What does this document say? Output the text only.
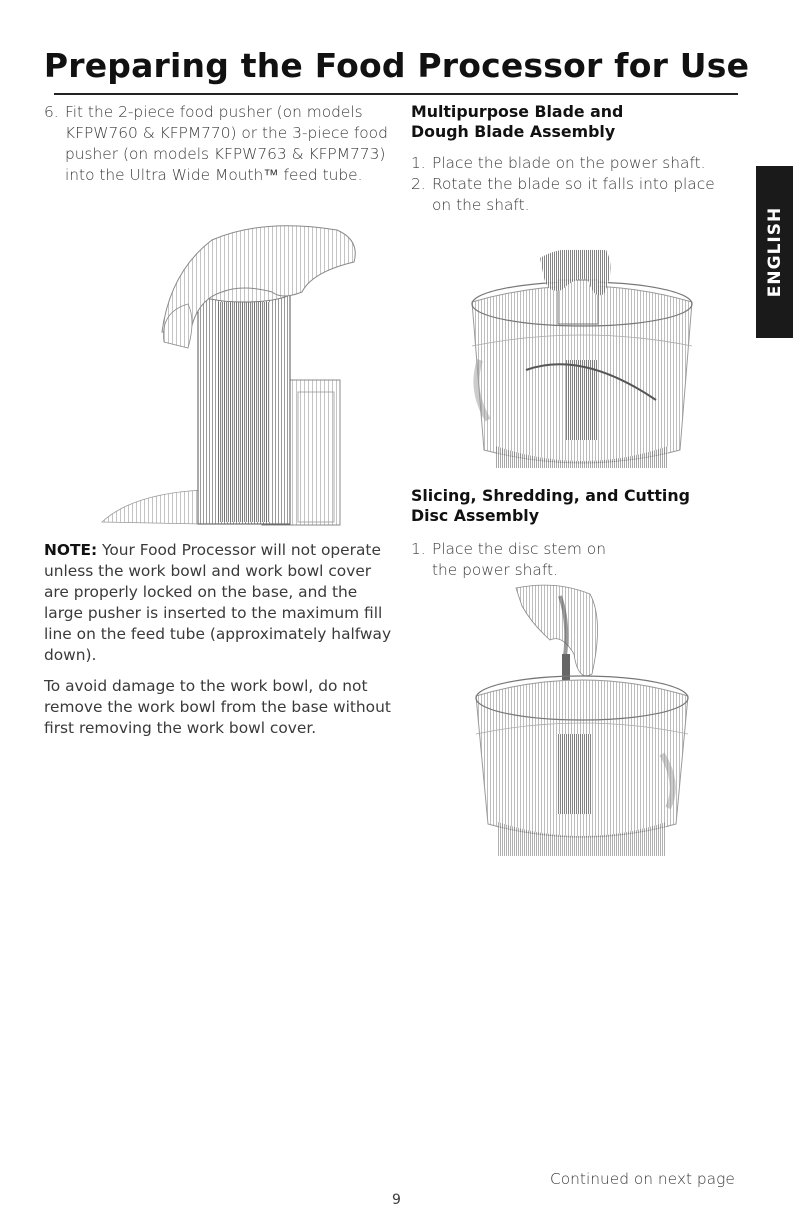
Preparing the Food Processor for Use
ENGLISH
6. Fit the 2-piece food pusher (on models KFPW760 & KFPM770) or the 3-piece food pusher (on models KFPW763 & KFPM773) into the Ultra Wide Mouth™ feed tube.

NOTE: Your Food Processor will not operate unless the work bowl and work bowl cover are properly locked on the base, and the large pusher is inserted to the maximum fill line on the feed tube (approximately halfway down).

To avoid damage to the work bowl, do not remove the work bowl from the base without first removing the work bowl cover.

Multipurpose Blade and
Dough Blade Assembly
1. Place the blade on the power shaft.
2. Rotate the blade so it falls into place on the shaft.
Slicing, Shredding, and Cutting
Disc Assembly
1. Place the disc stem on the power shaft.
Continued on next page
9
